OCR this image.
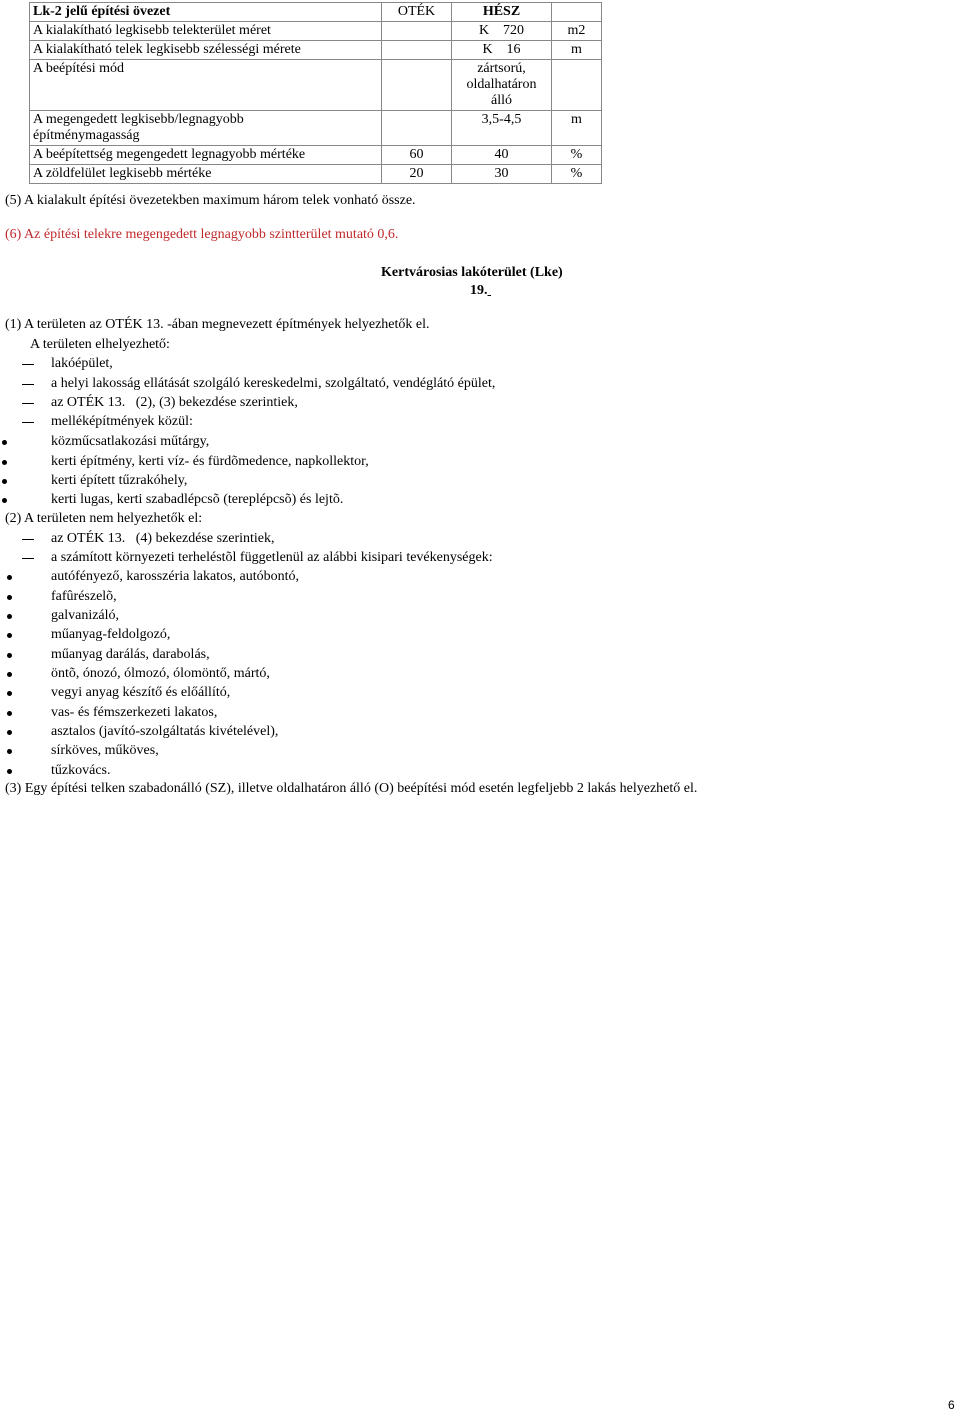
Lk-2 jelű építési övezet	OTÉK	HÉSZ	
A kialakítható legkisebb telekterület méret		K    720	m2
A kialakítható telek legkisebb szélességi mérete		K    16	m
A beépítési mód		zártsorú, oldalhatáron álló	
A megengedett legkisebb/legnagyobb építménymagasság		3,5-4,5	m
A beépítettség megengedett legnagyobb mértéke	60	40	%
A zöldfelület legkisebb mértéke	20	30	%
(5) A kialakult építési övezetekben maximum három telek vonható össze.
(6) Az építési telekre megengedett legnagyobb szintterület mutató 0,6.
Kertvárosias lakóterület (Lke)
19.
(1) A területen az OTÉK 13. -ában megnevezett építmények helyezhetők el.
A területen elhelyezhető:
lakóépület,
a helyi lakosság ellátását szolgáló kereskedelmi, szolgáltató, vendéglátó épület,
az OTÉK 13.   (2), (3) bekezdése szerintiek,
melléképítmények közül:
közműcsatlakozási műtárgy,
kerti építmény, kerti víz- és fürdõmedence, napkollektor,
kerti épített tűzrakóhely,
kerti lugas, kerti szabadlépcsõ (tereplépcsõ) és lejtõ.
(2) A területen nem helyezhetők el:
az OTÉK 13.   (4) bekezdése szerintiek,
a számított környezeti terheléstõl függetlenül az alábbi kisipari tevékenységek:
autófényező, karosszéria lakatos, autóbontó,
fafûrészelõ,
galvanizáló,
műanyag-feldolgozó,
műanyag darálás, darabolás,
öntõ, ónozó, ólmozó, ólomöntő, mártó,
vegyi anyag készítő és előállító,
vas- és fémszerkezeti lakatos,
asztalos (javító-szolgáltatás kivételével),
sírköves, műköves,
tűzkovács.
(3) Egy építési telken szabadonálló (SZ), illetve oldalhatáron álló (O) beépítési mód esetén legfeljebb 2 lakás helyezhető el.
6
